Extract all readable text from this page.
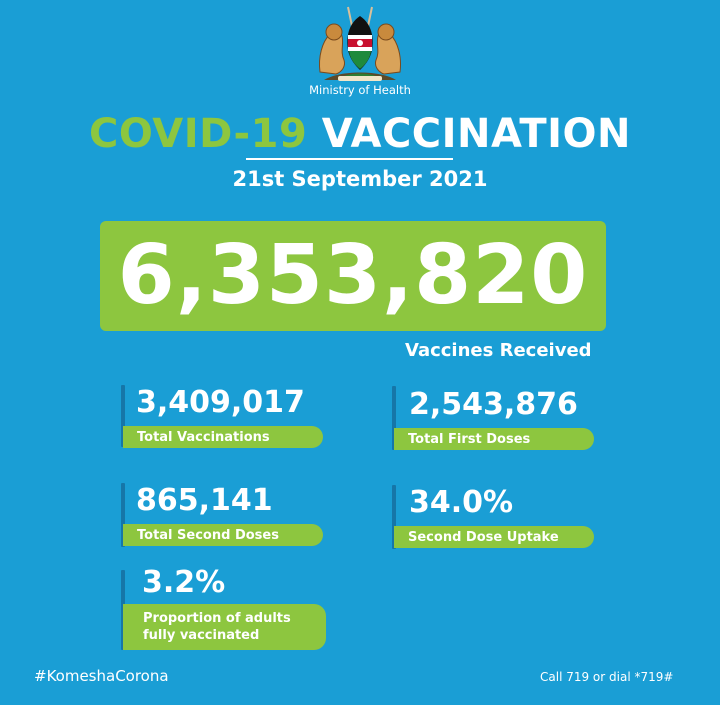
Ministry of Health
COVID-19 VACCINATION
21st September 2021
6,353,820
Vaccines Received
3,409,017
Total Vaccinations
2,543,876
Total First Doses
865,141
Total Second Doses
34.0%
Second Dose Uptake
3.2%
Proportion of adults
fully vaccinated
#KomeshaCorona	Call 719 or dial *719#
